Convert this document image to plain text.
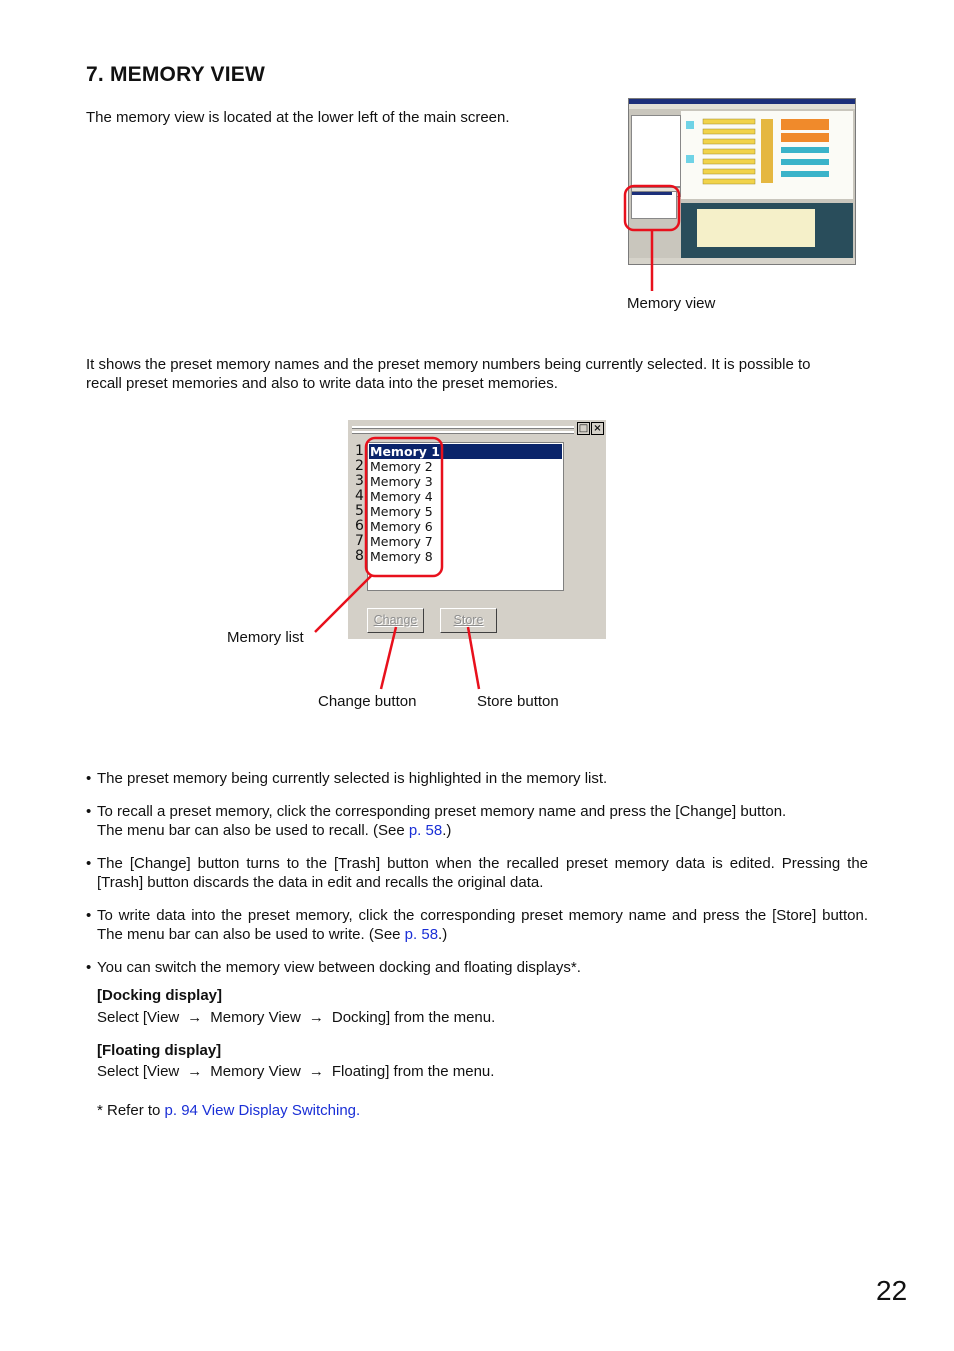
7. MEMORY VIEW
The memory view is located at the lower left of the main screen.
Memory view
It shows the preset memory names and the preset memory numbers being currently selected. It is possible to
recall preset memories and also to write data into the preset memories.
□ ×
1
2
3
4
5
6
7
8
Memory 1
Memory 2
Memory 3
Memory 4
Memory 5
Memory 6
Memory 7
Memory 8
Change	Store
Memory list
Change button	Store button
• The preset memory being currently selected is highlighted in the memory list.
• To recall a preset memory, click the corresponding preset memory name and press the [Change] button.
The menu bar can also be used to recall. (See p. 58.)
• The [Change] button turns to the [Trash] button when the recalled preset memory data is edited. Pressing the [Trash] button discards the data in edit and recalls the original data.
• To write data into the preset memory, click the corresponding preset memory name and press the [Store] button. The menu bar can also be used to write. (See p. 58.)
• You can switch the memory view between docking and floating displays*.
[Docking display]
Select [View → Memory View → Docking] from the menu.
[Floating display]
Select [View → Memory View → Floating] from the menu.
* Refer to p. 94 View Display Switching.
22
